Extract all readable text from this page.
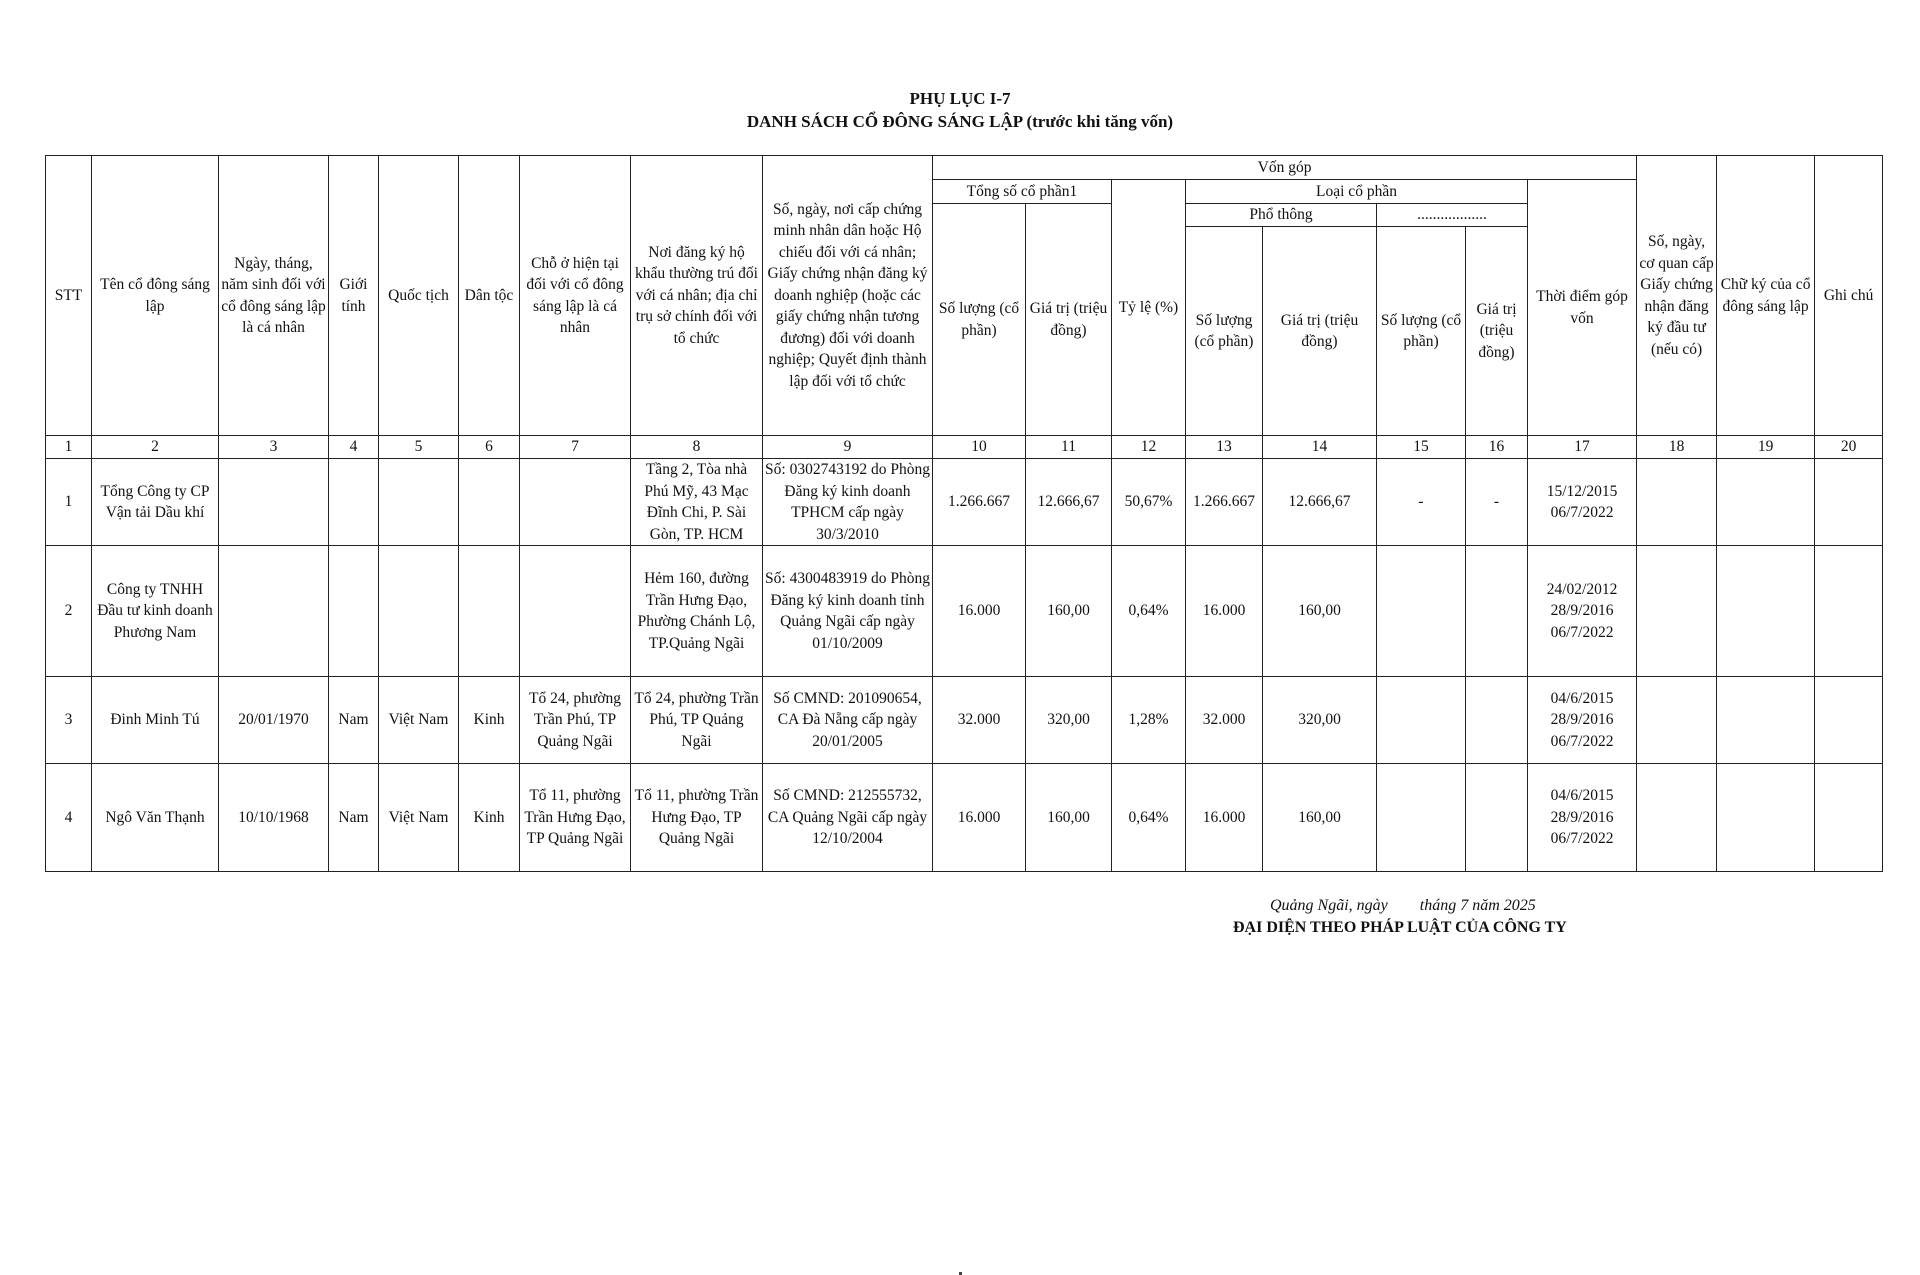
PHỤ LỤC I-7
DANH SÁCH CỔ ĐÔNG SÁNG LẬP (trước khi tăng vốn)
STT	Tên cổ đông sáng lập	Ngày, tháng, năm sinh đối với cổ đông sáng lập là cá nhân	Giới tính	Quốc tịch	Dân tộc	Chỗ ở hiện tại đối với cổ đông sáng lập là cá nhân	Nơi đăng ký hộ khẩu thường trú đối với cá nhân; địa chỉ trụ sở chính đối với tổ chức	Số, ngày, nơi cấp chứng minh nhân dân hoặc Hộ chiếu đối với cá nhân; Giấy chứng nhận đăng ký doanh nghiệp (hoặc các giấy chứng nhận tương đương) đối với doanh nghiệp; Quyết định thành lập đối với tổ chức	Vốn góp								Số, ngày, cơ quan cấp Giấy chứng nhận đăng ký đầu tư (nếu có)	Chữ ký của cổ đông sáng lập	Ghi chú
									Tổng số cổ phần1		Tỷ lệ (%)	Loại cổ phần				Thời điểm góp vốn			
									Số lượng (cổ phần)	Giá trị (triệu đồng)		Phổ thông		..................					
												Số lượng (cổ phần)	Giá trị (triệu đồng)	Số lượng (cổ phần)	Giá trị (triệu đồng)				
1	2	3	4	5	6	7	8	9	10	11	12	13	14	15	16	17	18	19	20
1	Tổng Công ty CP Vận tải Dầu khí						Tầng 2, Tòa nhà Phú Mỹ, 43 Mạc Đĩnh Chi, P. Sài Gòn, TP. HCM	Số: 0302743192 do Phòng Đăng ký kinh doanh TPHCM cấp ngày 30/3/2010	1.266.667	12.666,67	50,67%	1.266.667	12.666,67	-	-	15/12/2015
06/7/2022			
2	Công ty TNHH Đầu tư kinh doanh Phương Nam						Hẻm 160, đường Trần Hưng Đạo, Phường Chánh Lộ, TP.Quảng Ngãi	Số: 4300483919 do Phòng Đăng ký kinh doanh tỉnh Quảng Ngãi cấp ngày 01/10/2009	16.000	160,00	0,64%	16.000	160,00			24/02/2012
28/9/2016
06/7/2022			
3	Đinh Minh Tú	20/01/1970	Nam	Việt Nam	Kinh	Tổ 24, phường Trần Phú, TP Quảng Ngãi	Tổ 24, phường Trần Phú, TP Quảng Ngãi	Số CMND: 201090654, CA Đà Nẵng cấp ngày 20/01/2005	32.000	320,00	1,28%	32.000	320,00			04/6/2015
28/9/2016
06/7/2022			
4	Ngô Văn Thạnh	10/10/1968	Nam	Việt Nam	Kinh	Tổ 11, phường Trần Hưng Đạo, TP Quảng Ngãi	Tổ 11, phường Trần Hưng Đạo, TP Quảng Ngãi	Số CMND: 212555732, CA Quảng Ngãi cấp ngày 12/10/2004	16.000	160,00	0,64%	16.000	160,00			04/6/2015
28/9/2016
06/7/2022			
Quảng Ngãi, ngày        tháng 7 năm 2025
ĐẠI DIỆN THEO PHÁP LUẬT CỦA CÔNG TY
